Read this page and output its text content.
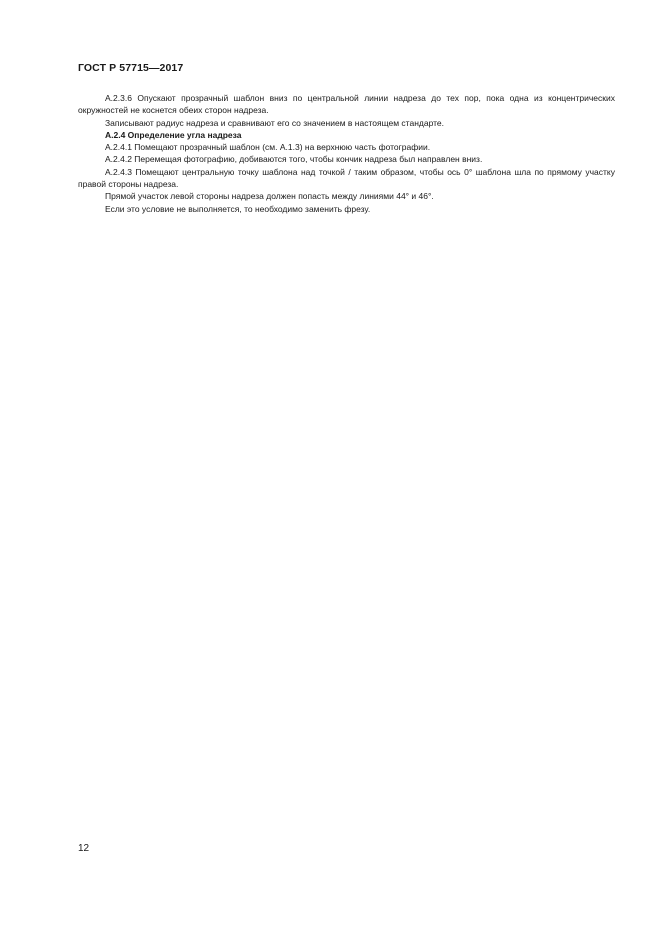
ГОСТ Р 57715—2017

А.2.3.6 Опускают прозрачный шаблон вниз по центральной линии надреза до тех пор, пока одна из концентрических окружностей не коснется обеих сторон надреза.

Записывают радиус надреза и сравнивают его со значением в настоящем стандарте.

А.2.4 Определение угла надреза

А.2.4.1 Помещают прозрачный шаблон (см. А.1.3) на верхнюю часть фотографии.

А.2.4.2 Перемещая фотографию, добиваются того, чтобы кончик надреза был направлен вниз.

А.2.4.3 Помещают центральную точку шаблона над точкой / таким образом, чтобы ось 0° шаблона шла по прямому участку правой стороны надреза.

Прямой участок левой стороны надреза должен попасть между линиями 44° и 46°.

Если это условие не выполняется, то необходимо заменить фрезу.

12
